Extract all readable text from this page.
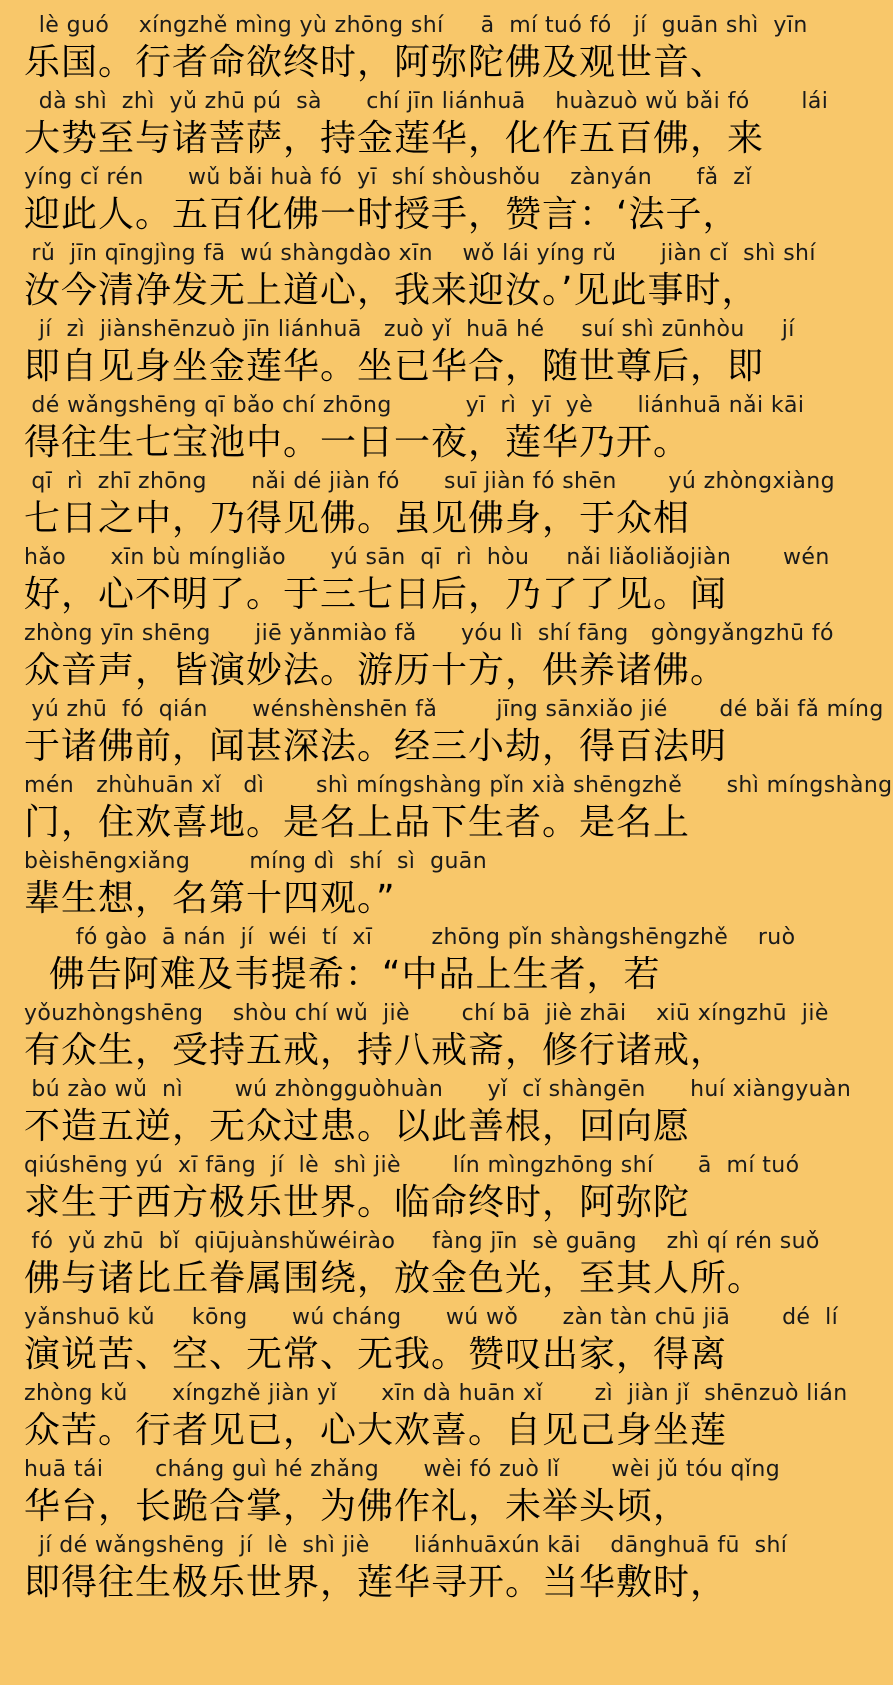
lè guó    xíngzhě mìng yù zhōng shí     ā  mí tuó fó   jí  guān shì  yīn
乐国。行者命欲终时，阿弥陀佛及观世音、
dà shì  zhì  yǔ zhū pú  sà      chí jīn liánhuā    huàzuò wǔ bǎi fó       lái
大势至与诸菩萨，持金莲华，化作五百佛，来
yíng cǐ rén      wǔ bǎi huà fó  yī  shí shòushǒu    zànyán      fǎ  zǐ
迎此人。五百化佛一时授手，赞言：‘法子，
rǔ  jīn qīngjìng fā  wú shàngdào xīn    wǒ lái yíng rǔ      jiàn cǐ  shì shí
汝今清净发无上道心，我来迎汝。’见此事时，
jí  zì  jiànshēnzuò jīn liánhuā   zuò yǐ  huā hé     suí shì zūnhòu     jí
即自见身坐金莲华。坐已华合，随世尊后，即
dé wǎngshēng qī bǎo chí zhōng          yī  rì  yī  yè      liánhuā nǎi kāi
得往生七宝池中。一日一夜，莲华乃开。
qī  rì  zhī zhōng      nǎi dé jiàn fó      suī jiàn fó shēn       yú zhòngxiàng
七日之中，乃得见佛。虽见佛身，于众相
hǎo      xīn bù míngliǎo      yú sān  qī  rì  hòu     nǎi liǎoliǎojiàn       wén
好，心不明了。于三七日后，乃了了见。闻
zhòng yīn shēng      jiē yǎnmiào fǎ      yóu lì  shí fāng   gòngyǎngzhū fó
众音声，皆演妙法。游历十方，供养诸佛。
yú zhū  fó  qián      wénshènshēn fǎ        jīng sānxiǎo jié       dé bǎi fǎ míng
于诸佛前，闻甚深法。经三小劫，得百法明
mén   zhùhuān xǐ   dì       shì míngshàng pǐn xià shēngzhě      shì míngshàng
门，住欢喜地。是名上品下生者。是名上
bèishēngxiǎng        míng dì  shí  sì  guān
辈生想，名第十四观。”
fó gào  ā nán  jí  wéi  tí  xī        zhōng pǐn shàngshēngzhě    ruò
佛告阿难及韦提希：“中品上生者，若
yǒuzhòngshēng    shòu chí wǔ  jiè       chí bā  jiè zhāi    xiū xíngzhū  jiè
有众生，受持五戒，持八戒斋，修行诸戒，
bú zào wǔ  nì       wú zhòngguòhuàn      yǐ  cǐ shàngēn      huí xiàngyuàn
不造五逆，无众过患。以此善根，回向愿
qiúshēng yú  xī fāng  jí  lè  shì jiè       lín mìngzhōng shí      ā  mí tuó
求生于西方极乐世界。临命终时，阿弥陀
fó  yǔ zhū  bǐ  qiūjuànshǔwéirào     fàng jīn  sè guāng    zhì qí rén suǒ
佛与诸比丘眷属围绕，放金色光，至其人所。
yǎnshuō kǔ     kōng      wú cháng      wú wǒ      zàn tàn chū jiā       dé  lí
演说苦、空、无常、无我。赞叹出家，得离
zhòng kǔ      xíngzhě jiàn yǐ      xīn dà huān xǐ       zì  jiàn jǐ  shēnzuò lián
众苦。行者见已，心大欢喜。自见己身坐莲
huā tái       cháng guì hé zhǎng      wèi fó zuò lǐ       wèi jǔ tóu qǐng
华台，长跪合掌，为佛作礼，未举头顷，
jí dé wǎngshēng  jí  lè  shì jiè      liánhuāxún kāi    dānghuā fū  shí
即得往生极乐世界，莲华寻开。当华敷时，
